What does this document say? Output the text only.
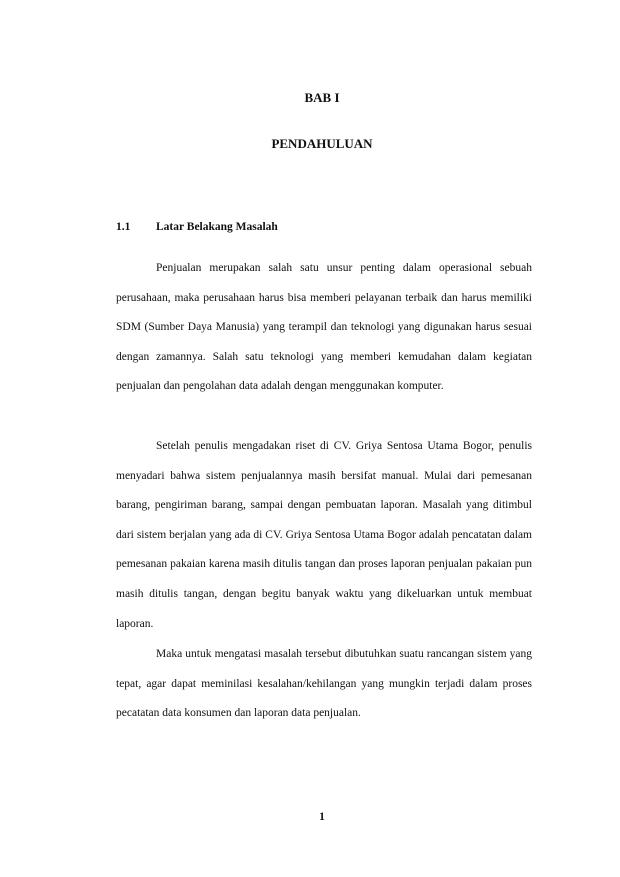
BAB I
PENDAHULUAN
1.1 Latar Belakang Masalah

Penjualan merupakan salah satu unsur penting dalam operasional sebuah perusahaan, maka perusahaan harus bisa memberi pelayanan terbaik dan harus memiliki SDM (Sumber Daya Manusia) yang terampil dan teknologi yang digunakan harus sesuai dengan zamannya. Salah satu teknologi yang memberi kemudahan dalam kegiatan penjualan dan pengolahan data adalah dengan menggunakan komputer.

Setelah penulis mengadakan riset di CV. Griya Sentosa Utama Bogor, penulis menyadari bahwa sistem penjualannya masih bersifat manual. Mulai dari pemesanan barang, pengiriman barang, sampai dengan pembuatan laporan. Masalah yang ditimbul dari sistem berjalan yang ada di CV. Griya Sentosa Utama Bogor adalah pencatatan dalam pemesanan pakaian karena masih ditulis tangan dan proses laporan penjualan pakaian pun masih ditulis tangan, dengan begitu banyak waktu yang dikeluarkan untuk membuat laporan.

Maka untuk mengatasi masalah tersebut dibutuhkan suatu rancangan sistem yang tepat, agar dapat meminilasi kesalahan/kehilangan yang mungkin terjadi dalam proses pecatatan data konsumen dan laporan data penjualan.

1
